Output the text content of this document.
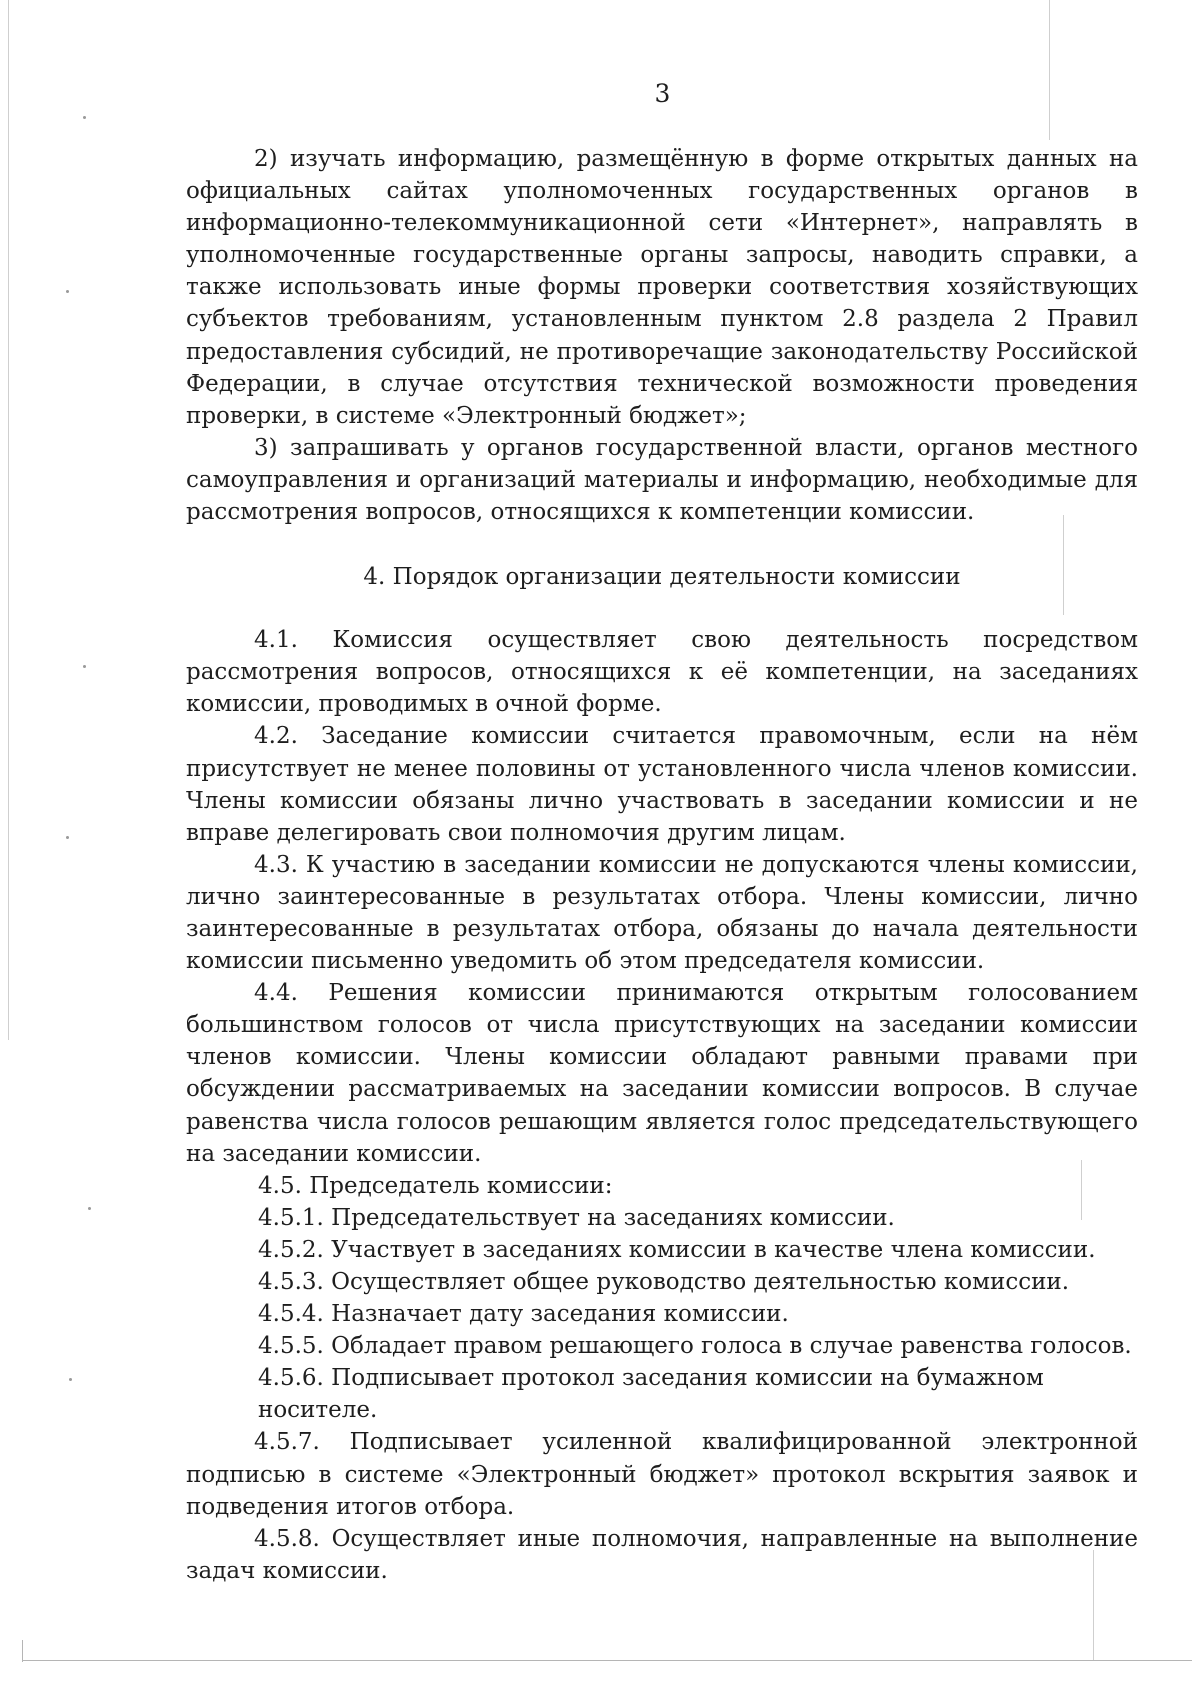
3

2) изучать информацию, размещённую в форме открытых данных на официальных сайтах уполномоченных государственных органов в информационно-телекоммуникационной сети «Интернет», направлять в уполномоченные государственные органы запросы, наводить справки, а также использовать иные формы проверки соответствия хозяйствующих субъектов требованиям, установленным пунктом 2.8 раздела 2 Правил предоставления субсидий, не противоречащие законодательству Российской Федерации, в случае отсутствия технической возможности проведения проверки, в системе «Электронный бюджет»;

3) запрашивать у органов государственной власти, органов местного самоуправления и организаций материалы и информацию, необходимые для рассмотрения вопросов, относящихся к компетенции комиссии.

4. Порядок организации деятельности комиссии

4.1. Комиссия осуществляет свою деятельность посредством рассмотрения вопросов, относящихся к её компетенции, на заседаниях комиссии, проводимых в очной форме.

4.2. Заседание комиссии считается правомочным, если на нём присутствует не менее половины от установленного числа членов комиссии. Члены комиссии обязаны лично участвовать в заседании комиссии и не вправе делегировать свои полномочия другим лицам.

4.3. К участию в заседании комиссии не допускаются члены комиссии, лично заинтересованные в результатах отбора. Члены комиссии, лично заинтересованные в результатах отбора, обязаны до начала деятельности комиссии письменно уведомить об этом председателя комиссии.

4.4. Решения комиссии принимаются открытым голосованием большинством голосов от числа присутствующих на заседании комиссии членов комиссии. Члены комиссии обладают равными правами при обсуждении рассматриваемых на заседании комиссии вопросов. В случае равенства числа голосов решающим является голос председательствующего на заседании комиссии.

4.5. Председатель комиссии:

4.5.1. Председательствует на заседаниях комиссии.

4.5.2. Участвует в заседаниях комиссии в качестве члена комиссии.

4.5.3. Осуществляет общее руководство деятельностью комиссии.

4.5.4. Назначает дату заседания комиссии.

4.5.5. Обладает правом решающего голоса в случае равенства голосов.

4.5.6. Подписывает протокол заседания комиссии на бумажном носителе.

4.5.7. Подписывает усиленной квалифицированной электронной подписью в системе «Электронный бюджет» протокол вскрытия заявок и подведения итогов отбора.

4.5.8. Осуществляет иные полномочия, направленные на выполнение задач комиссии.
